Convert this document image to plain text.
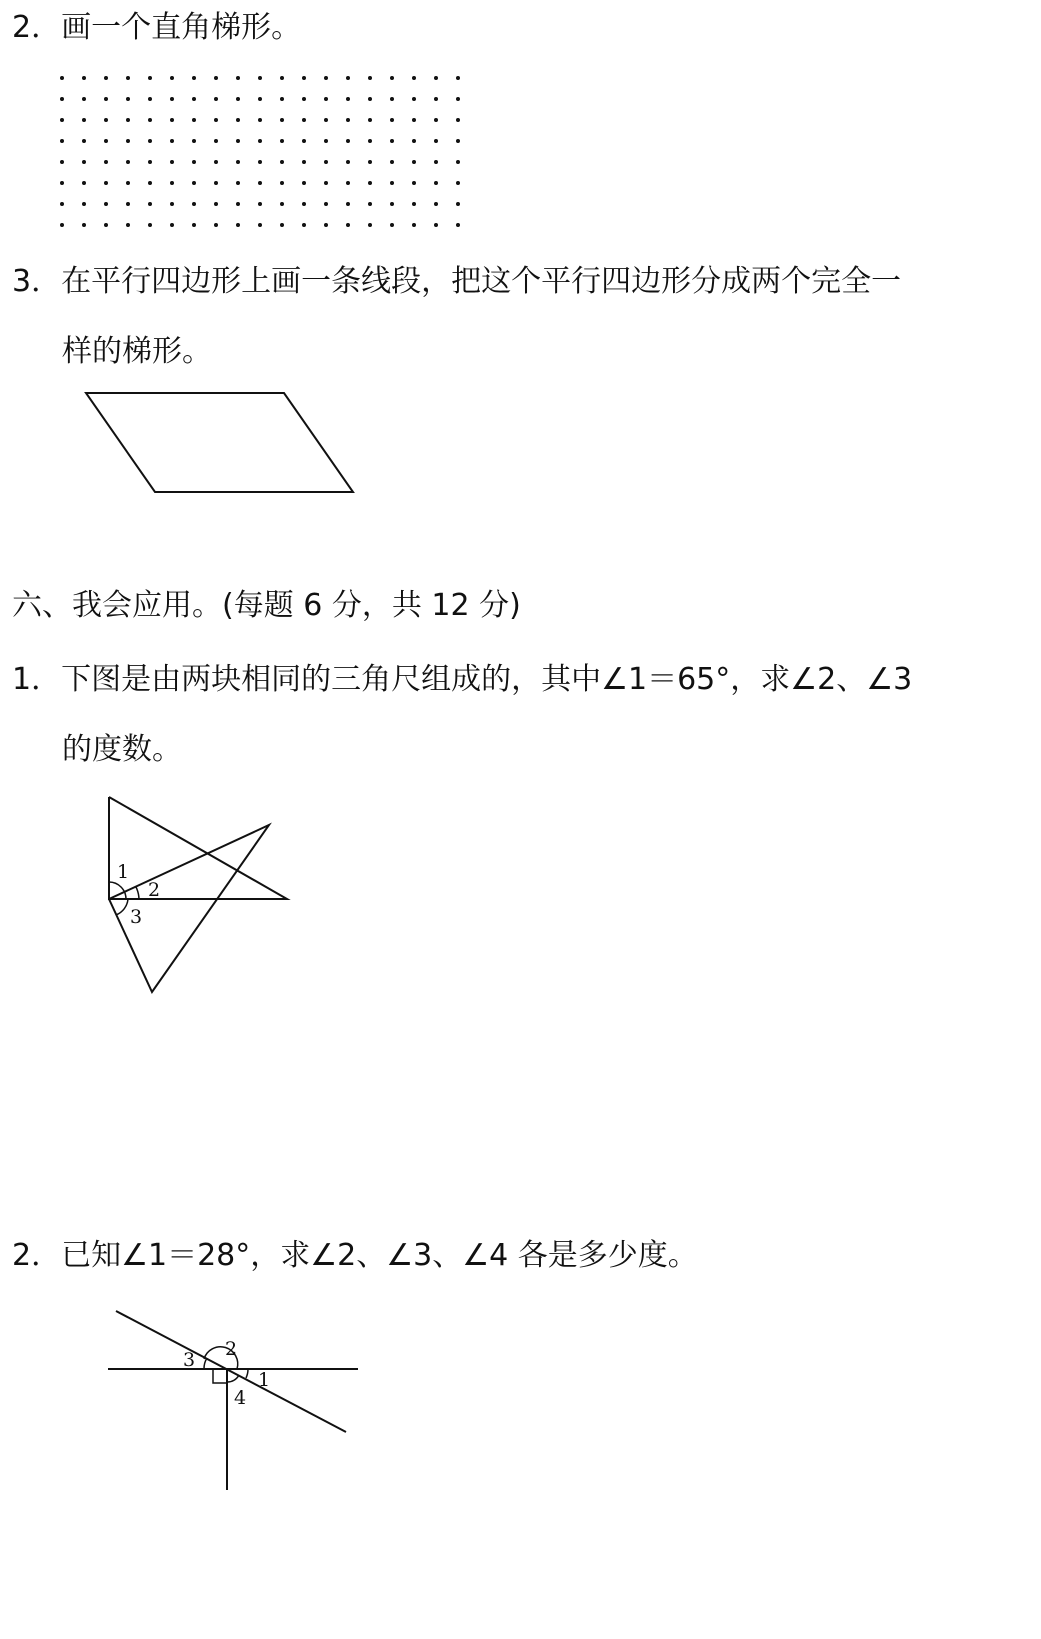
2．画一个直角梯形。
3．在平行四边形上画一条线段，把这个平行四边形分成两个完全一
样的梯形。
六、我会应用。(每题 6 分，共 12 分)
1．下图是由两块相同的三角尺组成的，其中∠1＝65°，求∠2、∠3
的度数。
1
2
3
2．已知∠1＝28°，求∠2、∠3、∠4 各是多少度。
2
3
1
4
